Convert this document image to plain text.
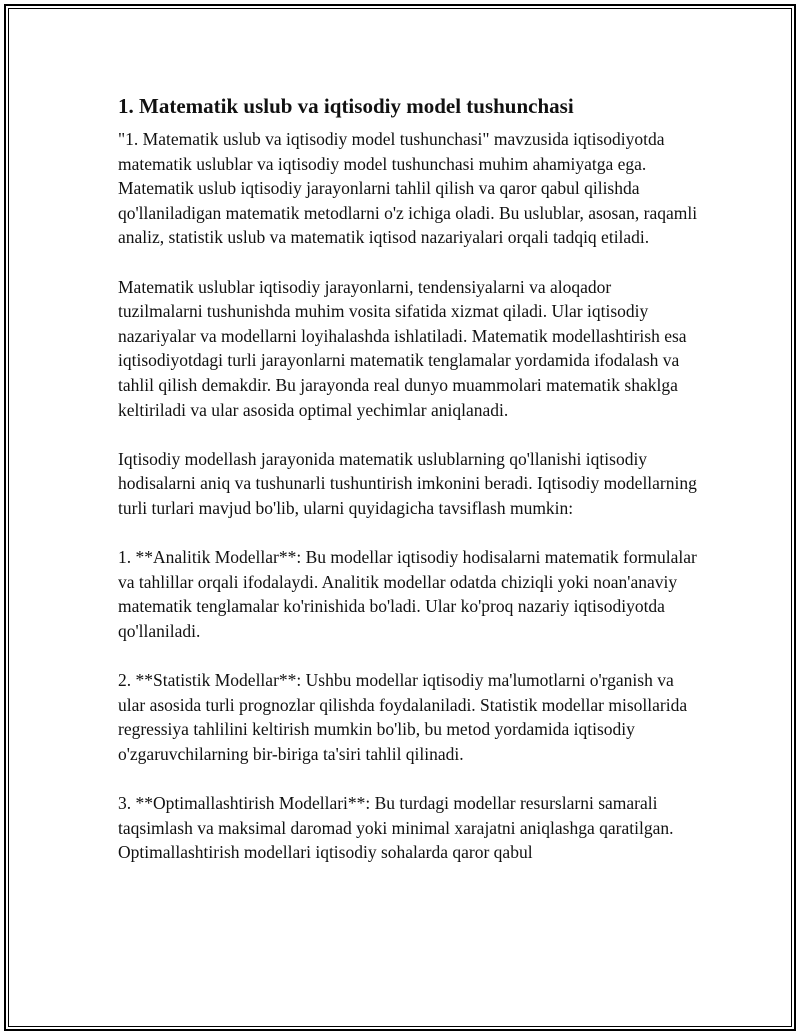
1. Matematik uslub va iqtisodiy model tushunchasi

"1. Matematik uslub va iqtisodiy model tushunchasi" mavzusida iqtisodiyotda matematik uslublar va iqtisodiy model tushunchasi muhim ahamiyatga ega. Matematik uslub iqtisodiy jarayonlarni tahlil qilish va qaror qabul qilishda qo'llaniladigan matematik metodlarni o'z ichiga oladi. Bu uslublar, asosan, raqamli analiz, statistik uslub va matematik iqtisod nazariyalari orqali tadqiq etiladi.

Matematik uslublar iqtisodiy jarayonlarni, tendensiyalarni va aloqador tuzilmalarni tushunishda muhim vosita sifatida xizmat qiladi. Ular iqtisodiy nazariyalar va modellarni loyihalashda ishlatiladi. Matematik modellashtirish esa iqtisodiyotdagi turli jarayonlarni matematik tenglamalar yordamida ifodalash va tahlil qilish demakdir. Bu jarayonda real dunyo muammolari matematik shaklga keltiriladi va ular asosida optimal yechimlar aniqlanadi.

Iqtisodiy modellash jarayonida matematik uslublarning qo'llanishi iqtisodiy hodisalarni aniq va tushunarli tushuntirish imkonini beradi. Iqtisodiy modellarning turli turlari mavjud bo'lib, ularni quyidagicha tavsiflash mumkin:

1. **Analitik Modellar**: Bu modellar iqtisodiy hodisalarni matematik formulalar va tahlillar orqali ifodalaydi. Analitik modellar odatda chiziqli yoki noan'anaviy matematik tenglamalar ko'rinishida bo'ladi. Ular ko'proq nazariy iqtisodiyotda qo'llaniladi.

2. **Statistik Modellar**: Ushbu modellar iqtisodiy ma'lumotlarni o'rganish va ular asosida turli prognozlar qilishda foydalaniladi. Statistik modellar misollarida regressiya tahlilini keltirish mumkin bo'lib, bu metod yordamida iqtisodiy o'zgaruvchilarning bir-biriga ta'siri tahlil qilinadi.

3. **Optimallashtirish Modellari**: Bu turdagi modellar resurslarni samarali taqsimlash va maksimal daromad yoki minimal xarajatni aniqlashga qaratilgan. Optimallashtirish modellari iqtisodiy sohalarda qaror qabul
